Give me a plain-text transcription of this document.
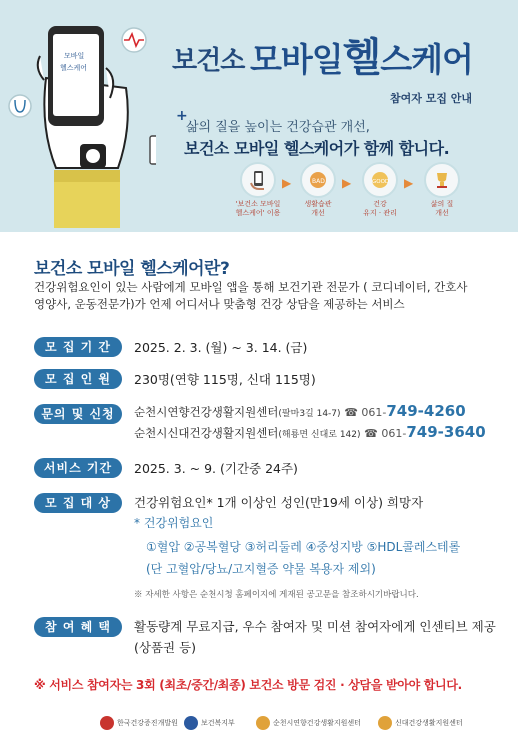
모바일
헬스케어	보건소 모바일헬스케어
참여자 모집 안내
+
삶의 질을 높이는 건강습관 개선,
보건소 모바일 헬스케어가 함께 합니다.
'보건소 모바일
헬스케어' 이용
▶	BAD
생활습관
개선
▶	GOOD
건강
유지 · 관리
▶
삶의 질
개선
보건소 모바일 헬스케어란?
건강위험요인이 있는 사람에게 모바일 앱을 통해 보건기관 전문가 ( 코디네이터, 간호사
영양사, 운동전문가)가 언제 어디서나 맞춤형 건강 상담을 제공하는 서비스
모 집 기 간	2025. 2. 3. (월) ~ 3. 14. (금)
모 집 인 원	230명(연향 115명, 신대 115명)
문의 및 신청	순천시연향건강생활지원센터(팔마3길 14-7) ☎ 061-749-4260
순천시신대건강생활지원센터(해룡면 신대로 142) ☎ 061-749-3640
서비스 기간	2025. 3. ~ 9. (기간중 24주)
모 집 대 상	건강위험요인* 1개 이상인 성인(만19세 이상) 희망자
* 건강위험요인
①혈압 ②공복혈당 ③허리둘레 ④중성지방 ⑤HDL콜레스테롤
(단 고혈압/당뇨/고지혈증 약물 복용자 제외)
※ 자세한 사항은 순천시청 홈페이지에 게재된 공고문을 참조하시기바랍니다.
참 여 혜 택	활동량계 무료지급, 우수 참여자 및 미션 참여자에게 인센티브 제공
(상품권 등)
※ 서비스 참여자는 3회 (최초/중간/최종) 보건소 방문 검진 · 상담을 받아야 합니다.
한국건강증진개발원	보건복지부	순천시연향건강생활지원센터	신대건강생활지원센터
